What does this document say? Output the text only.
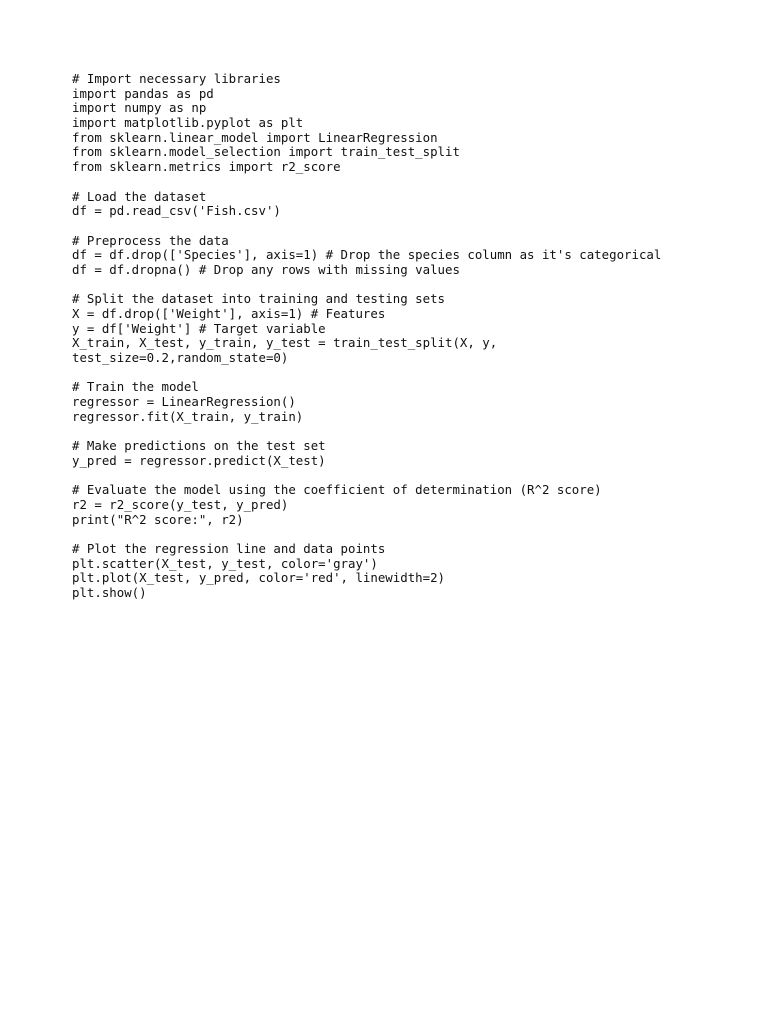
# Import necessary libraries
import pandas as pd
import numpy as np
import matplotlib.pyplot as plt
from sklearn.linear_model import LinearRegression
from sklearn.model_selection import train_test_split
from sklearn.metrics import r2_score
# Load the dataset
df = pd.read_csv('Fish.csv')
# Preprocess the data
df = df.drop(['Species'], axis=1) # Drop the species column as it's categorical
df = df.dropna() # Drop any rows with missing values
# Split the dataset into training and testing sets
X = df.drop(['Weight'], axis=1) # Features
y = df['Weight'] # Target variable
X_train, X_test, y_train, y_test = train_test_split(X, y,
test_size=0.2,random_state=0)
# Train the model
regressor = LinearRegression()
regressor.fit(X_train, y_train)
# Make predictions on the test set
y_pred = regressor.predict(X_test)
# Evaluate the model using the coefficient of determination (R^2 score)
r2 = r2_score(y_test, y_pred)
print("R^2 score:", r2)
# Plot the regression line and data points
plt.scatter(X_test, y_test, color='gray')
plt.plot(X_test, y_pred, color='red', linewidth=2)
plt.show()
